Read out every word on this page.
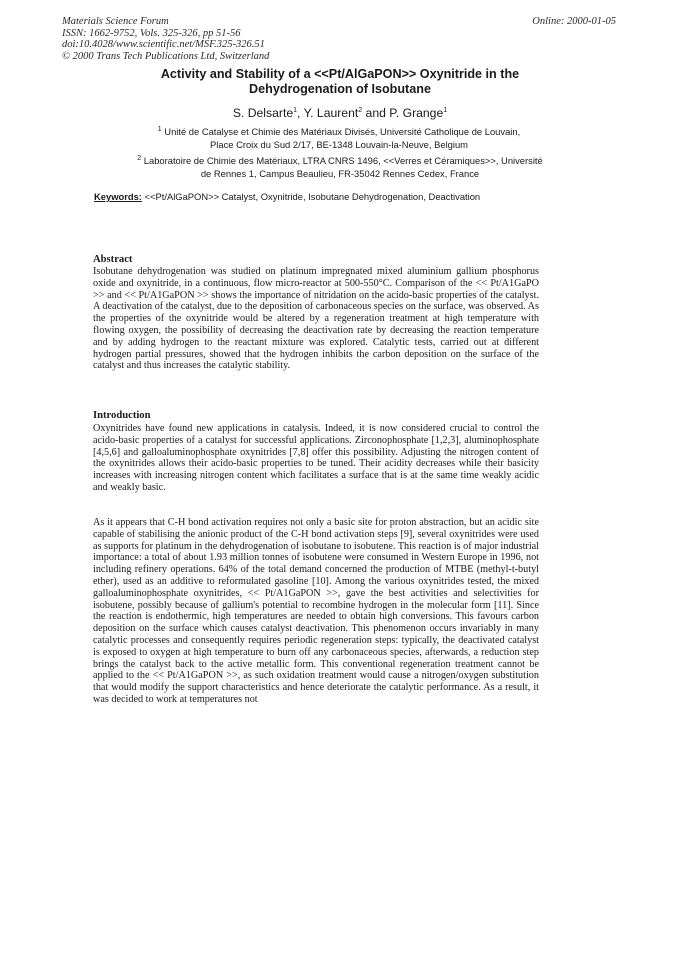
Materials Science Forum
ISSN: 1662-9752, Vols. 325-326, pp 51-56
doi:10.4028/www.scientific.net/MSF.325-326.51
© 2000 Trans Tech Publications Ltd, Switzerland
Online: 2000-01-05
Activity and Stability of a <<Pt/AlGaPON>> Oxynitride in the
Dehydrogenation of Isobutane
S. Delsarte$^1$, Y. Laurent$^2$ and P. Grange$^1$
$^1$ Unité de Catalyse et Chimie des Matériaux Divisés, Université Catholique de Louvain,
Place Croix du Sud 2/17, BE-1348 Louvain-la-Neuve, Belgium
$^2$ Laboratoire de Chimie des Matériaux, LTRA CNRS 1496, <<Verres et Céramiques>>, Université
de Rennes 1, Campus Beaulieu, FR-35042 Rennes Cedex, France
Keywords: <<Pt/AlGaPON>> Catalyst, Oxynitride, Isobutane Dehydrogenation, Deactivation
Abstract
Isobutane dehydrogenation was studied on platinum impregnated mixed aluminium gallium phosphorus oxide and oxynitride, in a continuous, flow micro-reactor at 500-550°C. Comparison of the << Pt/A1GaPO >> and << Pt/A1GaPON >> shows the importance of nitridation on the acido-basic properties of the catalyst. A deactivation of the catalyst, due to the deposition of carbonaceous species on the surface, was observed. As the properties of the oxynitride would be altered by a regeneration treatment at high temperature with flowing oxygen, the possibility of decreasing the deactivation rate by decreasing the reaction temperature and by adding hydrogen to the reactant mixture was explored. Catalytic tests, carried out at different hydrogen partial pressures, showed that the hydrogen inhibits the carbon deposition on the surface of the catalyst and thus increases the catalytic stability.
Introduction
Oxynitrides have found new applications in catalysis. Indeed, it is now considered crucial to control the acido-basic properties of a catalyst for successful applications. Zirconophosphate [1,2,3], aluminophosphate [4,5,6] and galloaluminophosphate oxynitrides [7,8] offer this possibility. Adjusting the nitrogen content of the oxynitrides allows their acido-basic properties to be tuned. Their acidity decreases while their basicity increases with increasing nitrogen content which facilitates a surface that is at the same time weakly acidic and weakly basic.
As it appears that C-H bond activation requires not only a basic site for proton abstraction, but an acidic site capable of stabilising the anionic product of the C-H bond activation steps [9], several oxynitrides were used as supports for platinum in the dehydrogenation of isobutane to isobutene. This reaction is of major industrial importance: a total of about 1.93 million tonnes of isobutene were consumed in Western Europe in 1996, not including refinery operations. 64% of the total demand concerned the production of MTBE (methyl-t-butyl ether), used as an additive to reformulated gasoline [10]. Among the various oxynitrides tested, the mixed galloaluminophosphate oxynitrides, << Pt/A1GaPON >>, gave the best activities and selectivities for isobutene, possibly because of gallium's potential to recombine hydrogen in the molecular form [11]. Since the reaction is endothermic, high temperatures are needed to obtain high conversions. This favours carbon deposition on the surface which causes catalyst deactivation. This phenomenon occurs invariably in many catalytic processes and consequently requires periodic regeneration steps: typically, the deactivated catalyst is exposed to oxygen at high temperature to burn off any carbonaceous species, afterwards, a reduction step brings the catalyst back to the active metallic form. This conventional regeneration treatment cannot be applied to the << Pt/A1GaPON >>, as such oxidation treatment would cause a nitrogen/oxygen substitution that would modify the support characteristics and hence deteriorate the catalytic performance. As a result, it was decided to work at temperatures not
